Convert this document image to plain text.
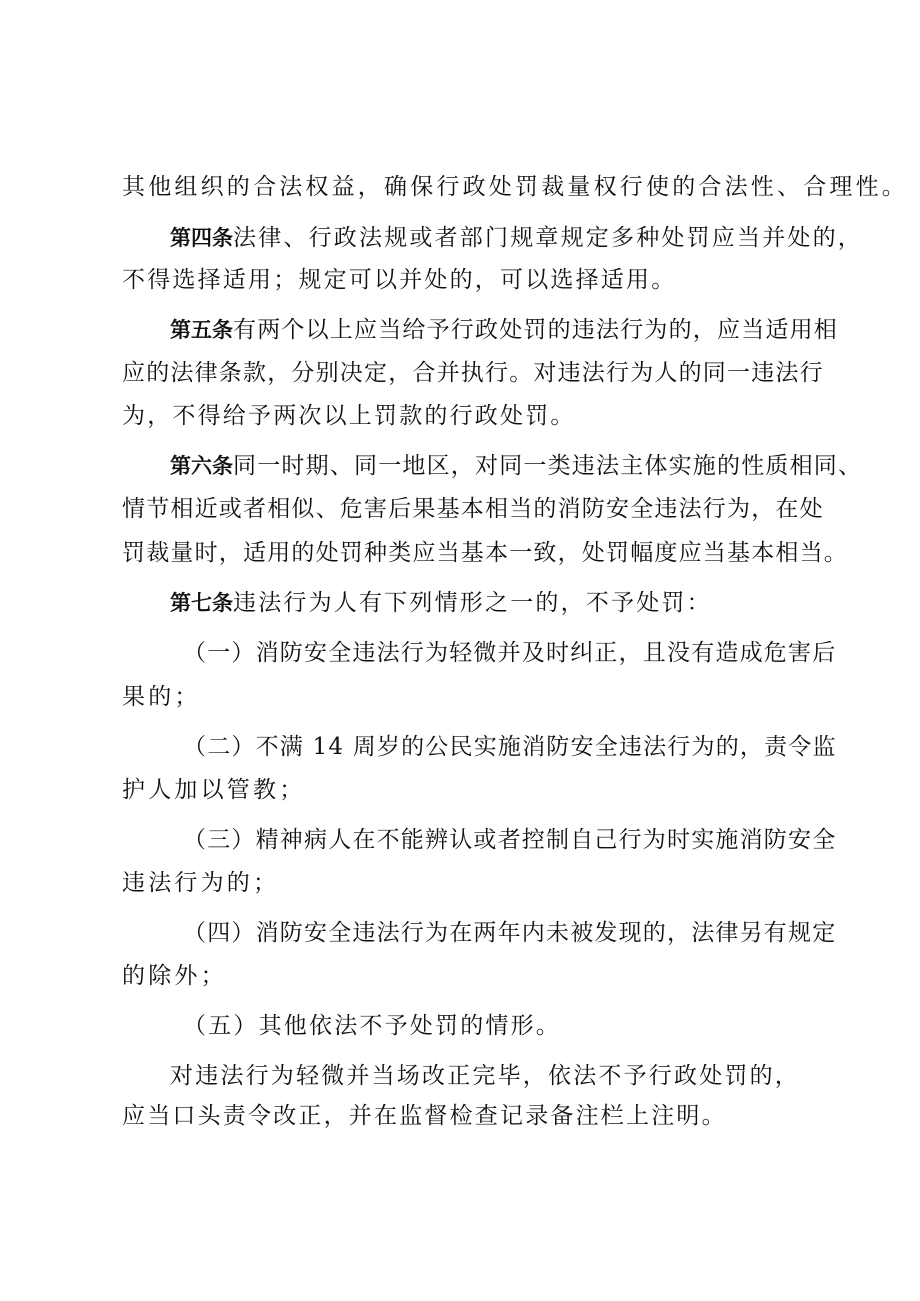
其他组织的合法权益，确保行政处罚裁量权行使的合法性、合理性。
第四条法律、行政法规或者部门规章规定多种处罚应当并处的，
不得选择适用；规定可以并处的，可以选择适用。
第五条有两个以上应当给予行政处罚的违法行为的，应当适用相
应的法律条款，分别决定，合并执行。对违法行为人的同一违法行
为，不得给予两次以上罚款的行政处罚。
第六条同一时期、同一地区，对同一类违法主体实施的性质相同、
情节相近或者相似、危害后果基本相当的消防安全违法行为，在处
罚裁量时，适用的处罚种类应当基本一致，处罚幅度应当基本相当。
第七条违法行为人有下列情形之一的，不予处罚：
（一）消防安全违法行为轻微并及时纠正，且没有造成危害后
果的；
（二）不满 14 周岁的公民实施消防安全违法行为的，责令监
护人加以管教；
（三）精神病人在不能辨认或者控制自己行为时实施消防安全
违法行为的；
（四）消防安全违法行为在两年内未被发现的，法律另有规定
的除外；
（五）其他依法不予处罚的情形。
对违法行为轻微并当场改正完毕，依法不予行政处罚的，
应当口头责令改正，并在监督检查记录备注栏上注明。
